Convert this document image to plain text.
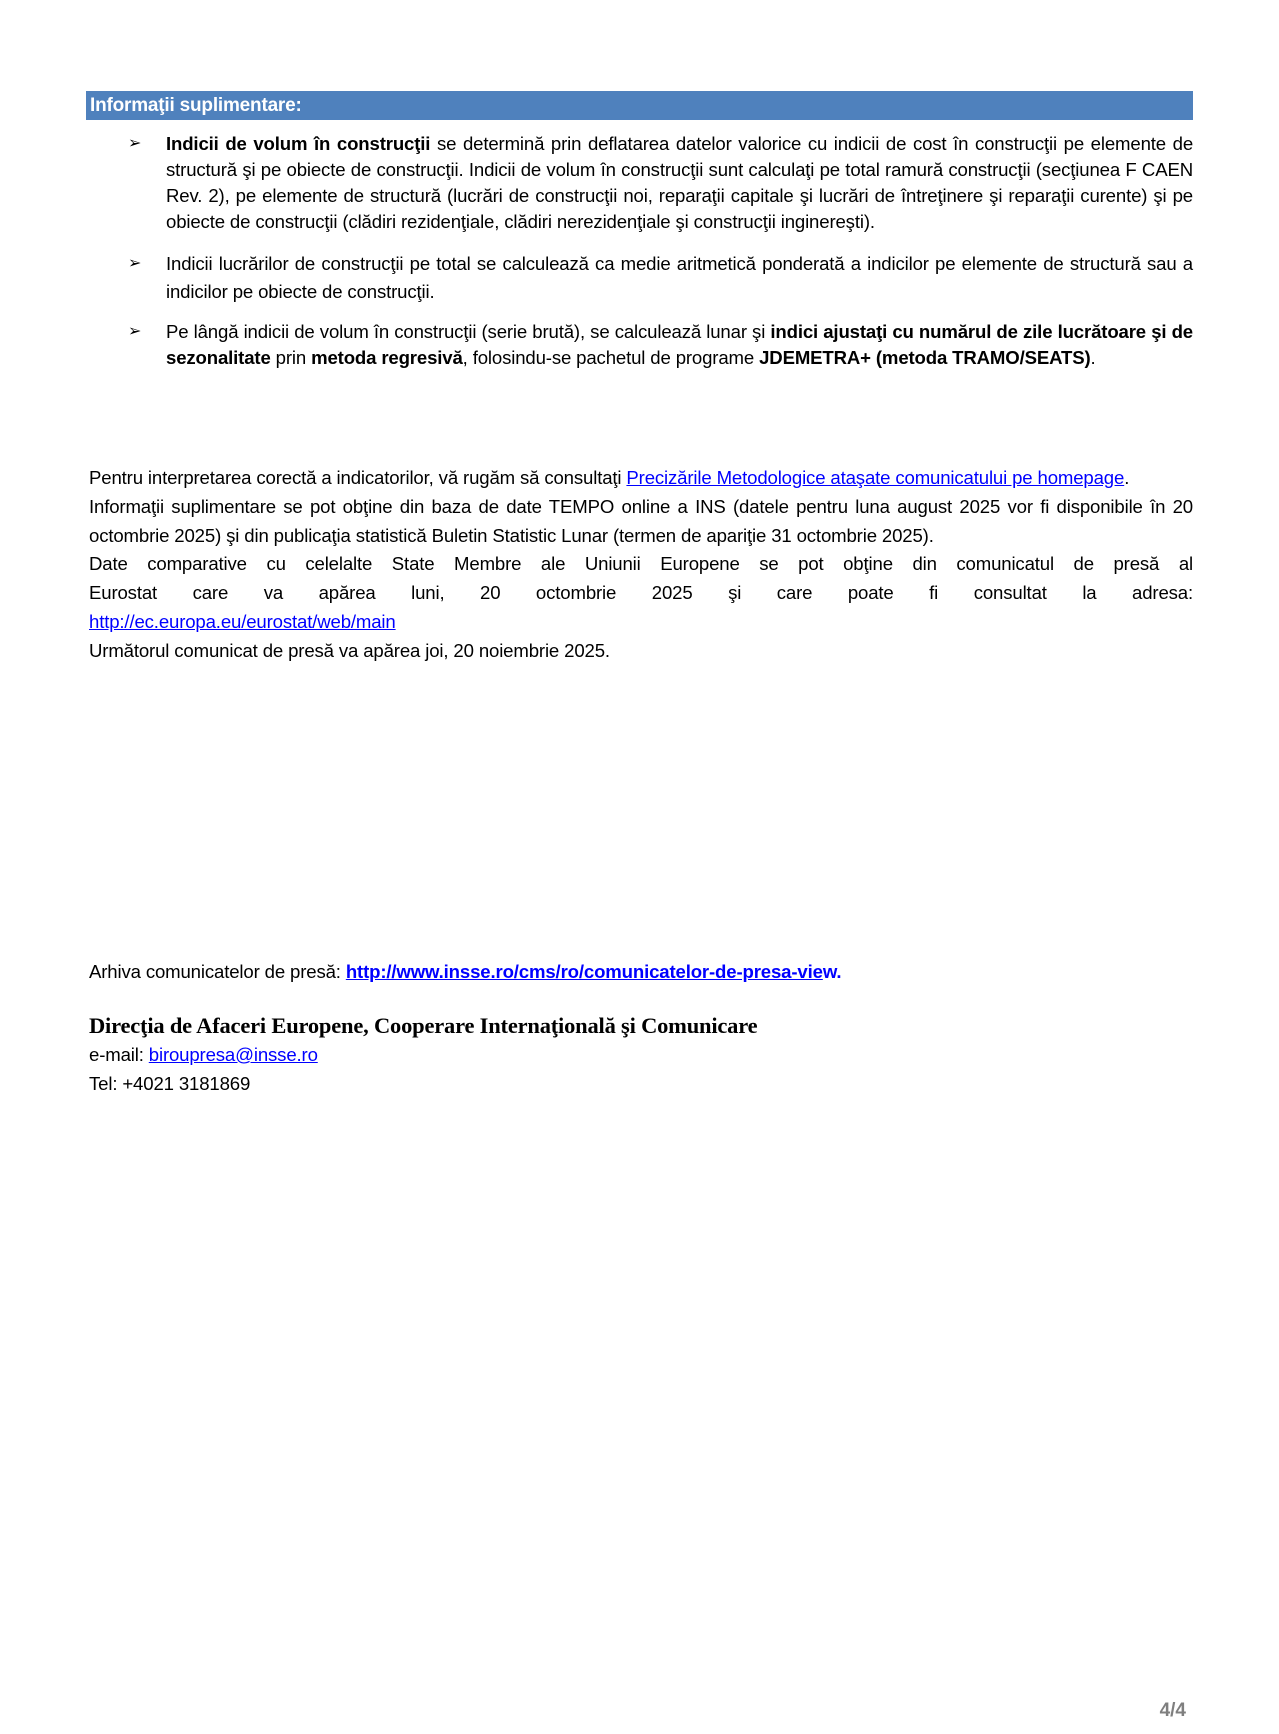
Informaţii suplimentare:
➢ Indicii de volum în construcţii se determină prin deflatarea datelor valorice cu indicii de cost în construcţii pe elemente de structură şi pe obiecte de construcţii. Indicii de volum în construcţii sunt calculaţi pe total ramură construcţii (secţiunea F CAEN Rev. 2), pe elemente de structură (lucrări de construcţii noi, reparaţii capitale şi lucrări de întreţinere şi reparaţii curente) şi pe obiecte de construcţii (clădiri rezidenţiale, clădiri nerezidenţiale şi construcţii inginereşti).
➢ Indicii lucrărilor de construcţii pe total se calculează ca medie aritmetică ponderată a indicilor pe elemente de structură sau a indicilor pe obiecte de construcţii.
➢ Pe lângă indicii de volum în construcţii (serie brută), se calculează lunar şi indici ajustaţi cu numărul de zile lucrătoare şi de sezonalitate prin metoda regresivă, folosindu-se pachetul de programe JDEMETRA+ (metoda TRAMO/SEATS).

Pentru interpretarea corectă a indicatorilor, vă rugăm să consultaţi Precizările Metodologice ataşate comunicatului pe homepage.

Informaţii suplimentare se pot obţine din baza de date TEMPO online a INS (datele pentru luna august 2025 vor fi disponibile în 20 octombrie 2025) şi din publicaţia statistică Buletin Statistic Lunar (termen de apariţie 31 octombrie 2025).

Date comparative cu celelalte State Membre ale Uniunii Europene se pot obţine din comunicatul de presă al

Eurostat care va apărea luni, 20 octombrie 2025 şi care poate fi consultat la adresa:

http://ec.europa.eu/eurostat/web/main

Următorul comunicat de presă va apărea joi, 20 noiembrie 2025.

Arhiva comunicatelor de presă: http://www.insse.ro/cms/ro/comunicatelor-de-presa-view.
Direcţia de Afaceri Europene, Cooperare Internaţională şi Comunicare
e-mail: biroupresa@insse.ro
Tel: +4021 3181869
4/4
